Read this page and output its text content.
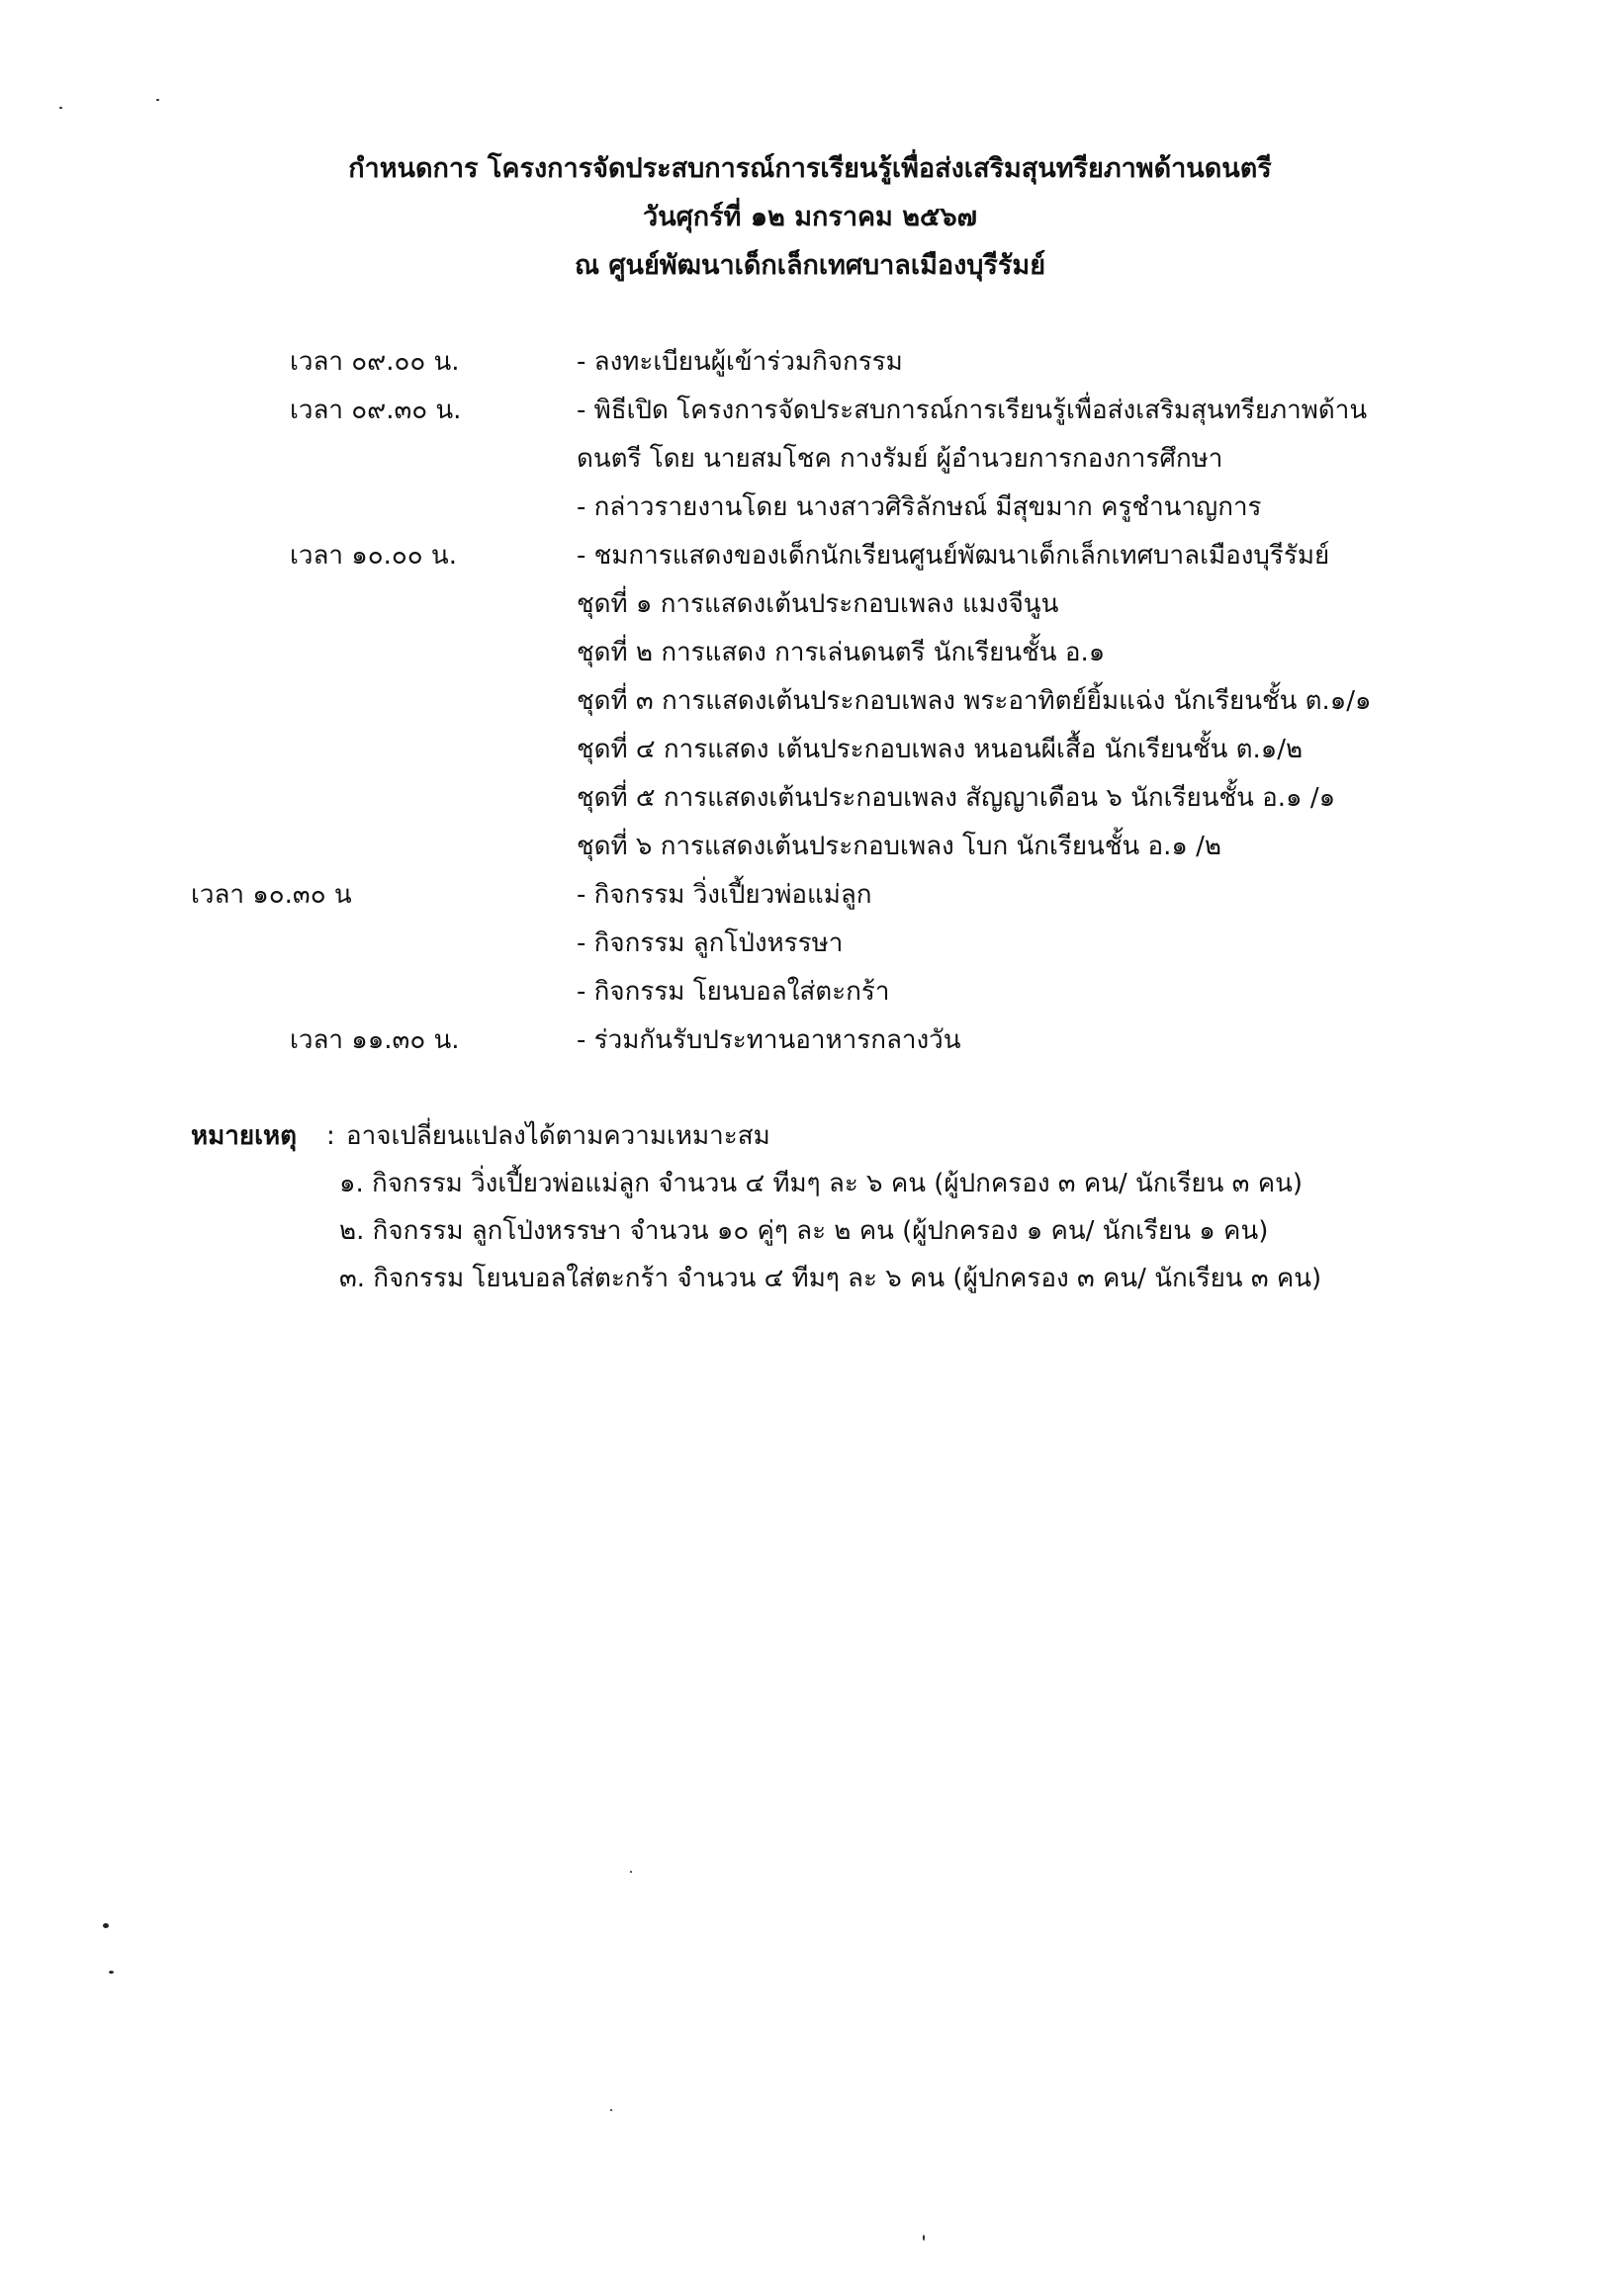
กำหนดการ โครงการจัดประสบการณ์การเรียนรู้เพื่อส่งเสริมสุนทรียภาพด้านดนตรี
วันศุกร์ที่ ๑๒ มกราคม ๒๕๖๗
ณ ศูนย์พัฒนาเด็กเล็กเทศบาลเมืองบุรีรัมย์
เวลา ๐๙.๐๐ น.	- ลงทะเบียนผู้เข้าร่วมกิจกรรม
เวลา ๐๙.๓๐ น.	- พิธีเปิด โครงการจัดประสบการณ์การเรียนรู้เพื่อส่งเสริมสุนทรียภาพด้าน
ดนตรี โดย นายสมโชค กางรัมย์ ผู้อำนวยการกองการศึกษา
- กล่าวรายงานโดย นางสาวศิริลักษณ์ มีสุขมาก ครูชำนาญการ
เวลา ๑๐.๐๐ น.	- ชมการแสดงของเด็กนักเรียนศูนย์พัฒนาเด็กเล็กเทศบาลเมืองบุรีรัมย์
ชุดที่ ๑ การแสดงเต้นประกอบเพลง แมงจีนูน
ชุดที่ ๒ การแสดง การเล่นดนตรี นักเรียนชั้น อ.๑
ชุดที่ ๓ การแสดงเต้นประกอบเพลง พระอาทิตย์ยิ้มแฉ่ง นักเรียนชั้น ต.๑/๑
ชุดที่ ๔ การแสดง เต้นประกอบเพลง หนอนผีเสื้อ นักเรียนชั้น ต.๑/๒
ชุดที่ ๕ การแสดงเต้นประกอบเพลง สัญญาเดือน ๖ นักเรียนชั้น อ.๑ /๑
ชุดที่ ๖ การแสดงเต้นประกอบเพลง โบก นักเรียนชั้น อ.๑ /๒
เวลา ๑๐.๓๐ น	- กิจกรรม วิ่งเปี้ยวพ่อแม่ลูก
- กิจกรรม ลูกโป่งหรรษา
- กิจกรรม โยนบอลใส่ตะกร้า
เวลา ๑๑.๓๐ น.	- ร่วมกันรับประทานอาหารกลางวัน
หมายเหตุ : อาจเปลี่ยนแปลงได้ตามความเหมาะสม
๑. กิจกรรม วิ่งเปี้ยวพ่อแม่ลูก จำนวน ๔ ทีมๆ ละ ๖ คน (ผู้ปกครอง ๓ คน/ นักเรียน ๓ คน)
๒. กิจกรรม ลูกโป่งหรรษา จำนวน ๑๐ คู่ๆ ละ ๒ คน (ผู้ปกครอง ๑ คน/ นักเรียน ๑ คน)
๓. กิจกรรม โยนบอลใส่ตะกร้า จำนวน ๔ ทีมๆ ละ ๖ คน (ผู้ปกครอง ๓ คน/ นักเรียน ๓ คน)
